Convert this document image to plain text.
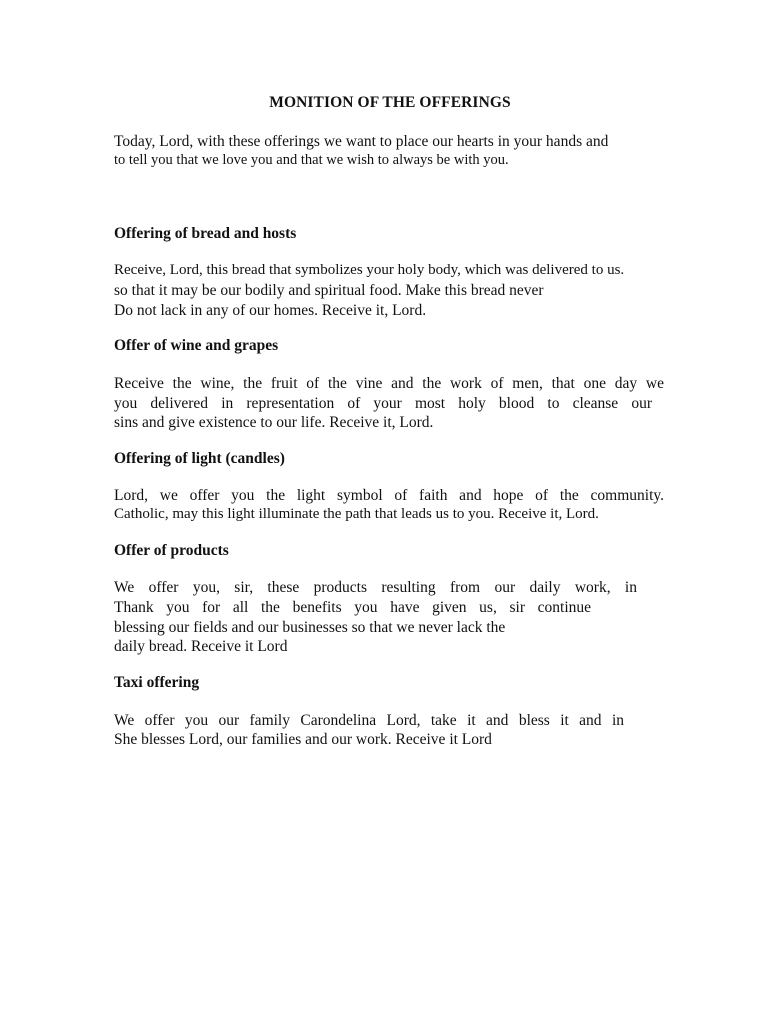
MONITION OF THE OFFERINGS
Today, Lord, with these offerings we want to place our hearts in your hands and
to tell you that we love you and that we wish to always be with you.
Offering of bread and hosts
Receive, Lord, this bread that symbolizes your holy body, which was delivered to us.
so that it may be our bodily and spiritual food. Make this bread never
Do not lack in any of our homes. Receive it, Lord.
Offer of wine and grapes
Receive the wine, the fruit of the vine and the work of men, that one day we
you delivered in representation of your most holy blood to cleanse our
sins and give existence to our life. Receive it, Lord.
Offering of light (candles)
Lord, we offer you the light symbol of faith and hope of the community.
Catholic, may this light illuminate the path that leads us to you. Receive it, Lord.
Offer of products
We offer you, sir, these products resulting from our daily work, in
Thank you for all the benefits you have given us, sir continue
blessing our fields and our businesses so that we never lack the
daily bread. Receive it Lord
Taxi offering
We offer you our family Carondelina Lord, take it and bless it and in
She blesses Lord, our families and our work. Receive it Lord
